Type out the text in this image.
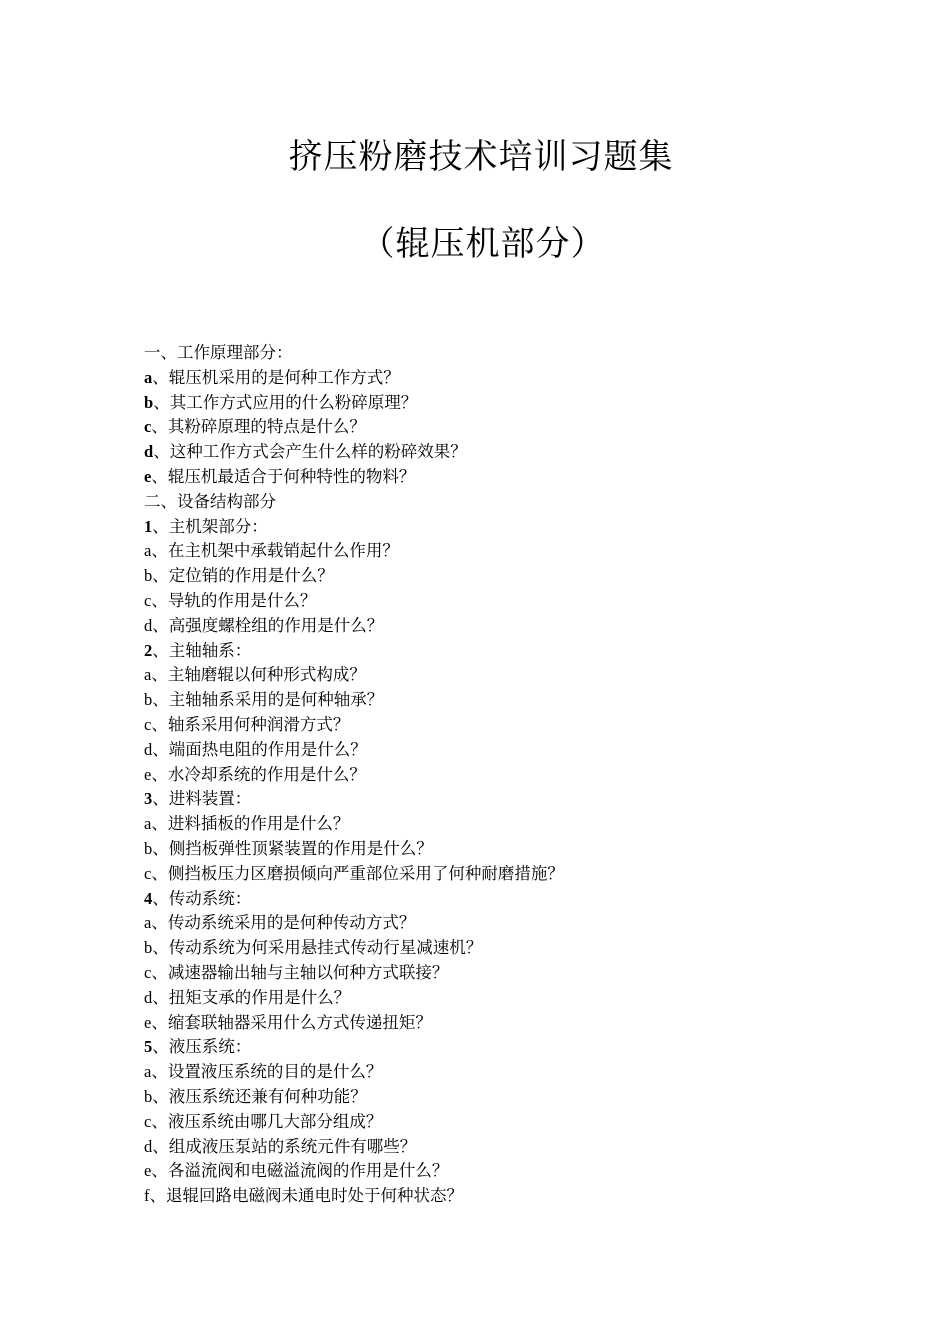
挤压粉磨技术培训习题集
（辊压机部分）
一、工作原理部分：
a、辊压机采用的是何种工作方式？
b、其工作方式应用的什么粉碎原理？
c、其粉碎原理的特点是什么？
d、这种工作方式会产生什么样的粉碎效果？
e、辊压机最适合于何种特性的物料？
二、设备结构部分
1、主机架部分：
a、在主机架中承载销起什么作用？
b、定位销的作用是什么？
c、导轨的作用是什么？
d、高强度螺栓组的作用是什么？
2、主轴轴系：
a、主轴磨辊以何种形式构成？
b、主轴轴系采用的是何种轴承？
c、轴系采用何种润滑方式？
d、端面热电阻的作用是什么？
e、水冷却系统的作用是什么？
3、进料装置：
a、进料插板的作用是什么？
b、侧挡板弹性顶紧装置的作用是什么？
c、侧挡板压力区磨损倾向严重部位采用了何种耐磨措施？
4、传动系统：
a、传动系统采用的是何种传动方式？
b、传动系统为何采用悬挂式传动行星减速机？
c、减速器输出轴与主轴以何种方式联接？
d、扭矩支承的作用是什么？
e、缩套联轴器采用什么方式传递扭矩？
5、液压系统：
a、设置液压系统的目的是什么？
b、液压系统还兼有何种功能？
c、液压系统由哪几大部分组成？
d、组成液压泵站的系统元件有哪些？
e、各溢流阀和电磁溢流阀的作用是什么？
f、退辊回路电磁阀未通电时处于何种状态？
